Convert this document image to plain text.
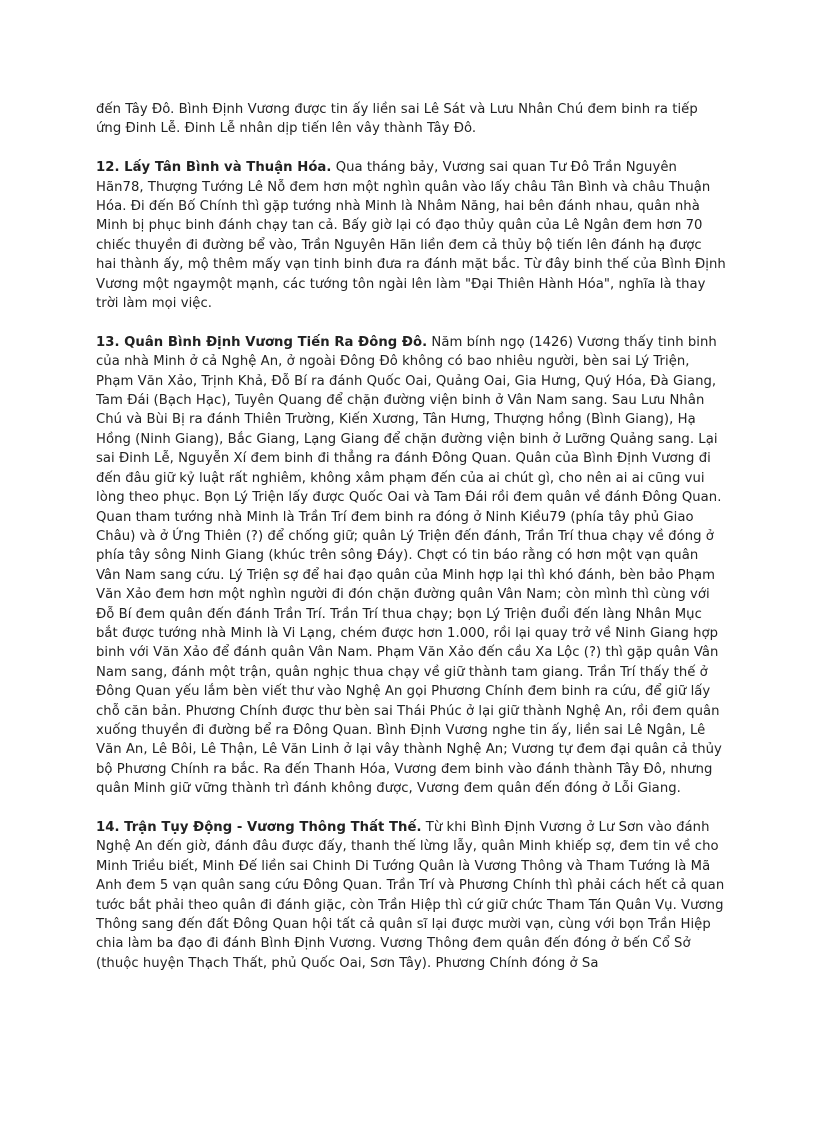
đến Tây Đô. Bình Định Vương được tin ấy liền sai Lê Sát và Lưu Nhân Chú đem binh ra tiếp ứng Đinh Lễ. Đinh Lễ nhân dịp tiến lên vây thành Tây Đô.

12. Lấy Tân Bình và Thuận Hóa. Qua tháng bảy, Vương sai quan Tư Đô Trần Nguyên Hãn78, Thượng Tướng Lê Nỗ đem hơn một nghìn quân vào lấy châu Tân Bình và châu Thuận Hóa. Đi đến Bố Chính thì gặp tướng nhà Minh là Nhâm Năng, hai bên đánh nhau, quân nhà Minh bị phục binh đánh chạy tan cả. Bấy giờ lại có đạo thủy quân của Lê Ngân đem hơn 70 chiếc thuyền đi đường bể vào, Trần Nguyên Hãn liền đem cả thủy bộ tiến lên đánh hạ được hai thành ấy, mộ thêm mấy vạn tinh binh đưa ra đánh mặt bắc. Từ đây binh thế của Bình Định Vương một ngaymột mạnh, các tướng tôn ngài lên làm "Đại Thiên Hành Hóa", nghĩa là thay trời làm mọi việc.

13. Quân Bình Định Vương Tiến Ra Đông Đô. Năm bính ngọ (1426) Vương thấy tinh binh của nhà Minh ở cả Nghệ An, ở ngoài Đông Đô không có bao nhiêu người, bèn sai Lý Triện, Phạm Văn Xảo, Trịnh Khả, Đỗ Bí ra đánh Quốc Oai, Quảng Oai, Gia Hưng, Quý Hóa, Đà Giang, Tam Đái (Bạch Hạc), Tuyên Quang để chặn đường viện binh ở Vân Nam sang. Sau Lưu Nhân Chú và Bùi Bị ra đánh Thiên Trường, Kiến Xương, Tân Hưng, Thượng hồng (Bình Giang), Hạ Hồng (Ninh Giang), Bắc Giang, Lạng Giang để chặn đường viện binh ở Lưỡng Quảng sang. Lại sai Đinh Lễ, Nguyễn Xí đem binh đi thẳng ra đánh Đông Quan. Quân của Bình Định Vương đi đến đâu giữ kỷ luật rất nghiêm, không xâm phạm đến của ai chút gì, cho nên ai ai cũng vui lòng theo phục. Bọn Lý Triện lấy được Quốc Oai và Tam Đái rồi đem quân về đánh Đông Quan. Quan tham tướng nhà Minh là Trần Trí đem binh ra đóng ở Ninh Kiều79 (phía tây phủ Giao Châu) và ở Ứng Thiên (?) để chống giữ; quân Lý Triện đến đánh, Trần Trí thua chạy về đóng ở phía tây sông Ninh Giang (khúc trên sông Đáy). Chợt có tin báo rằng có hơn một vạn quân Vân Nam sang cứu. Lý Triện sợ để hai đạo quân của Minh hợp lại thì khó đánh, bèn bảo Phạm Văn Xảo đem hơn một nghìn người đi đón chặn đường quân Vân Nam; còn mình thì cùng với Đỗ Bí đem quân đến đánh Trần Trí. Trần Trí thua chạy; bọn Lý Triện đuổi đến làng Nhân Mục bắt được tướng nhà Minh là Vi Lạng, chém được hơn 1.000, rồi lại quay trở về Ninh Giang hợp binh với Văn Xảo để đánh quân Vân Nam. Phạm Văn Xảo đến cầu Xa Lộc (?) thì gặp quân Vân Nam sang, đánh một trận, quân nghịc thua chạy về giữ thành tam giang. Trần Trí thấy thế ở Đông Quan yếu lắm bèn viết thư vào Nghệ An gọi Phương Chính đem binh ra cứu, để giữ lấy chỗ căn bản. Phương Chính được thư bèn sai Thái Phúc ở lại giữ thành Nghệ An, rồi đem quân xuống thuyền đi đường bể ra Đông Quan. Bình Định Vương nghe tin ấy, liền sai Lê Ngân, Lê Văn An, Lê Bôi, Lê Thận, Lê Văn Linh ở lại vây thành Nghệ An; Vương tự đem đại quân cả thủy bộ Phương Chính ra bắc. Ra đến Thanh Hóa, Vương đem binh vào đánh thành Tây Đô, nhưng quân Minh giữ vững thành trì đánh không được, Vương đem quân đến đóng ở Lỗi Giang.

14. Trận Tụy Động - Vương Thông Thất Thế. Từ khi Bình Định Vương ở Lư Sơn vào đánh Nghệ An đến giờ, đánh đâu được đấy, thanh thế lừng lẫy, quân Minh khiếp sợ, đem tin về cho Minh Triều biết, Minh Đế liền sai Chinh Di Tướng Quân là Vương Thông và Tham Tướng là Mã Anh đem 5 vạn quân sang cứu Đông Quan. Trần Trí và Phương Chính thì phải cách hết cả quan tước bắt phải theo quân đi đánh giặc, còn Trần Hiệp thì cứ giữ chức Tham Tán Quân Vụ. Vương Thông sang đến đất Đông Quan hội tất cả quân sĩ lại được mười vạn, cùng với bọn Trần Hiệp chia làm ba đạo đi đánh Bình Định Vương. Vương Thông đem quân đến đóng ở bến Cổ Sở (thuộc huyện Thạch Thất, phủ Quốc Oai, Sơn Tây). Phương Chính đóng ở Sa
